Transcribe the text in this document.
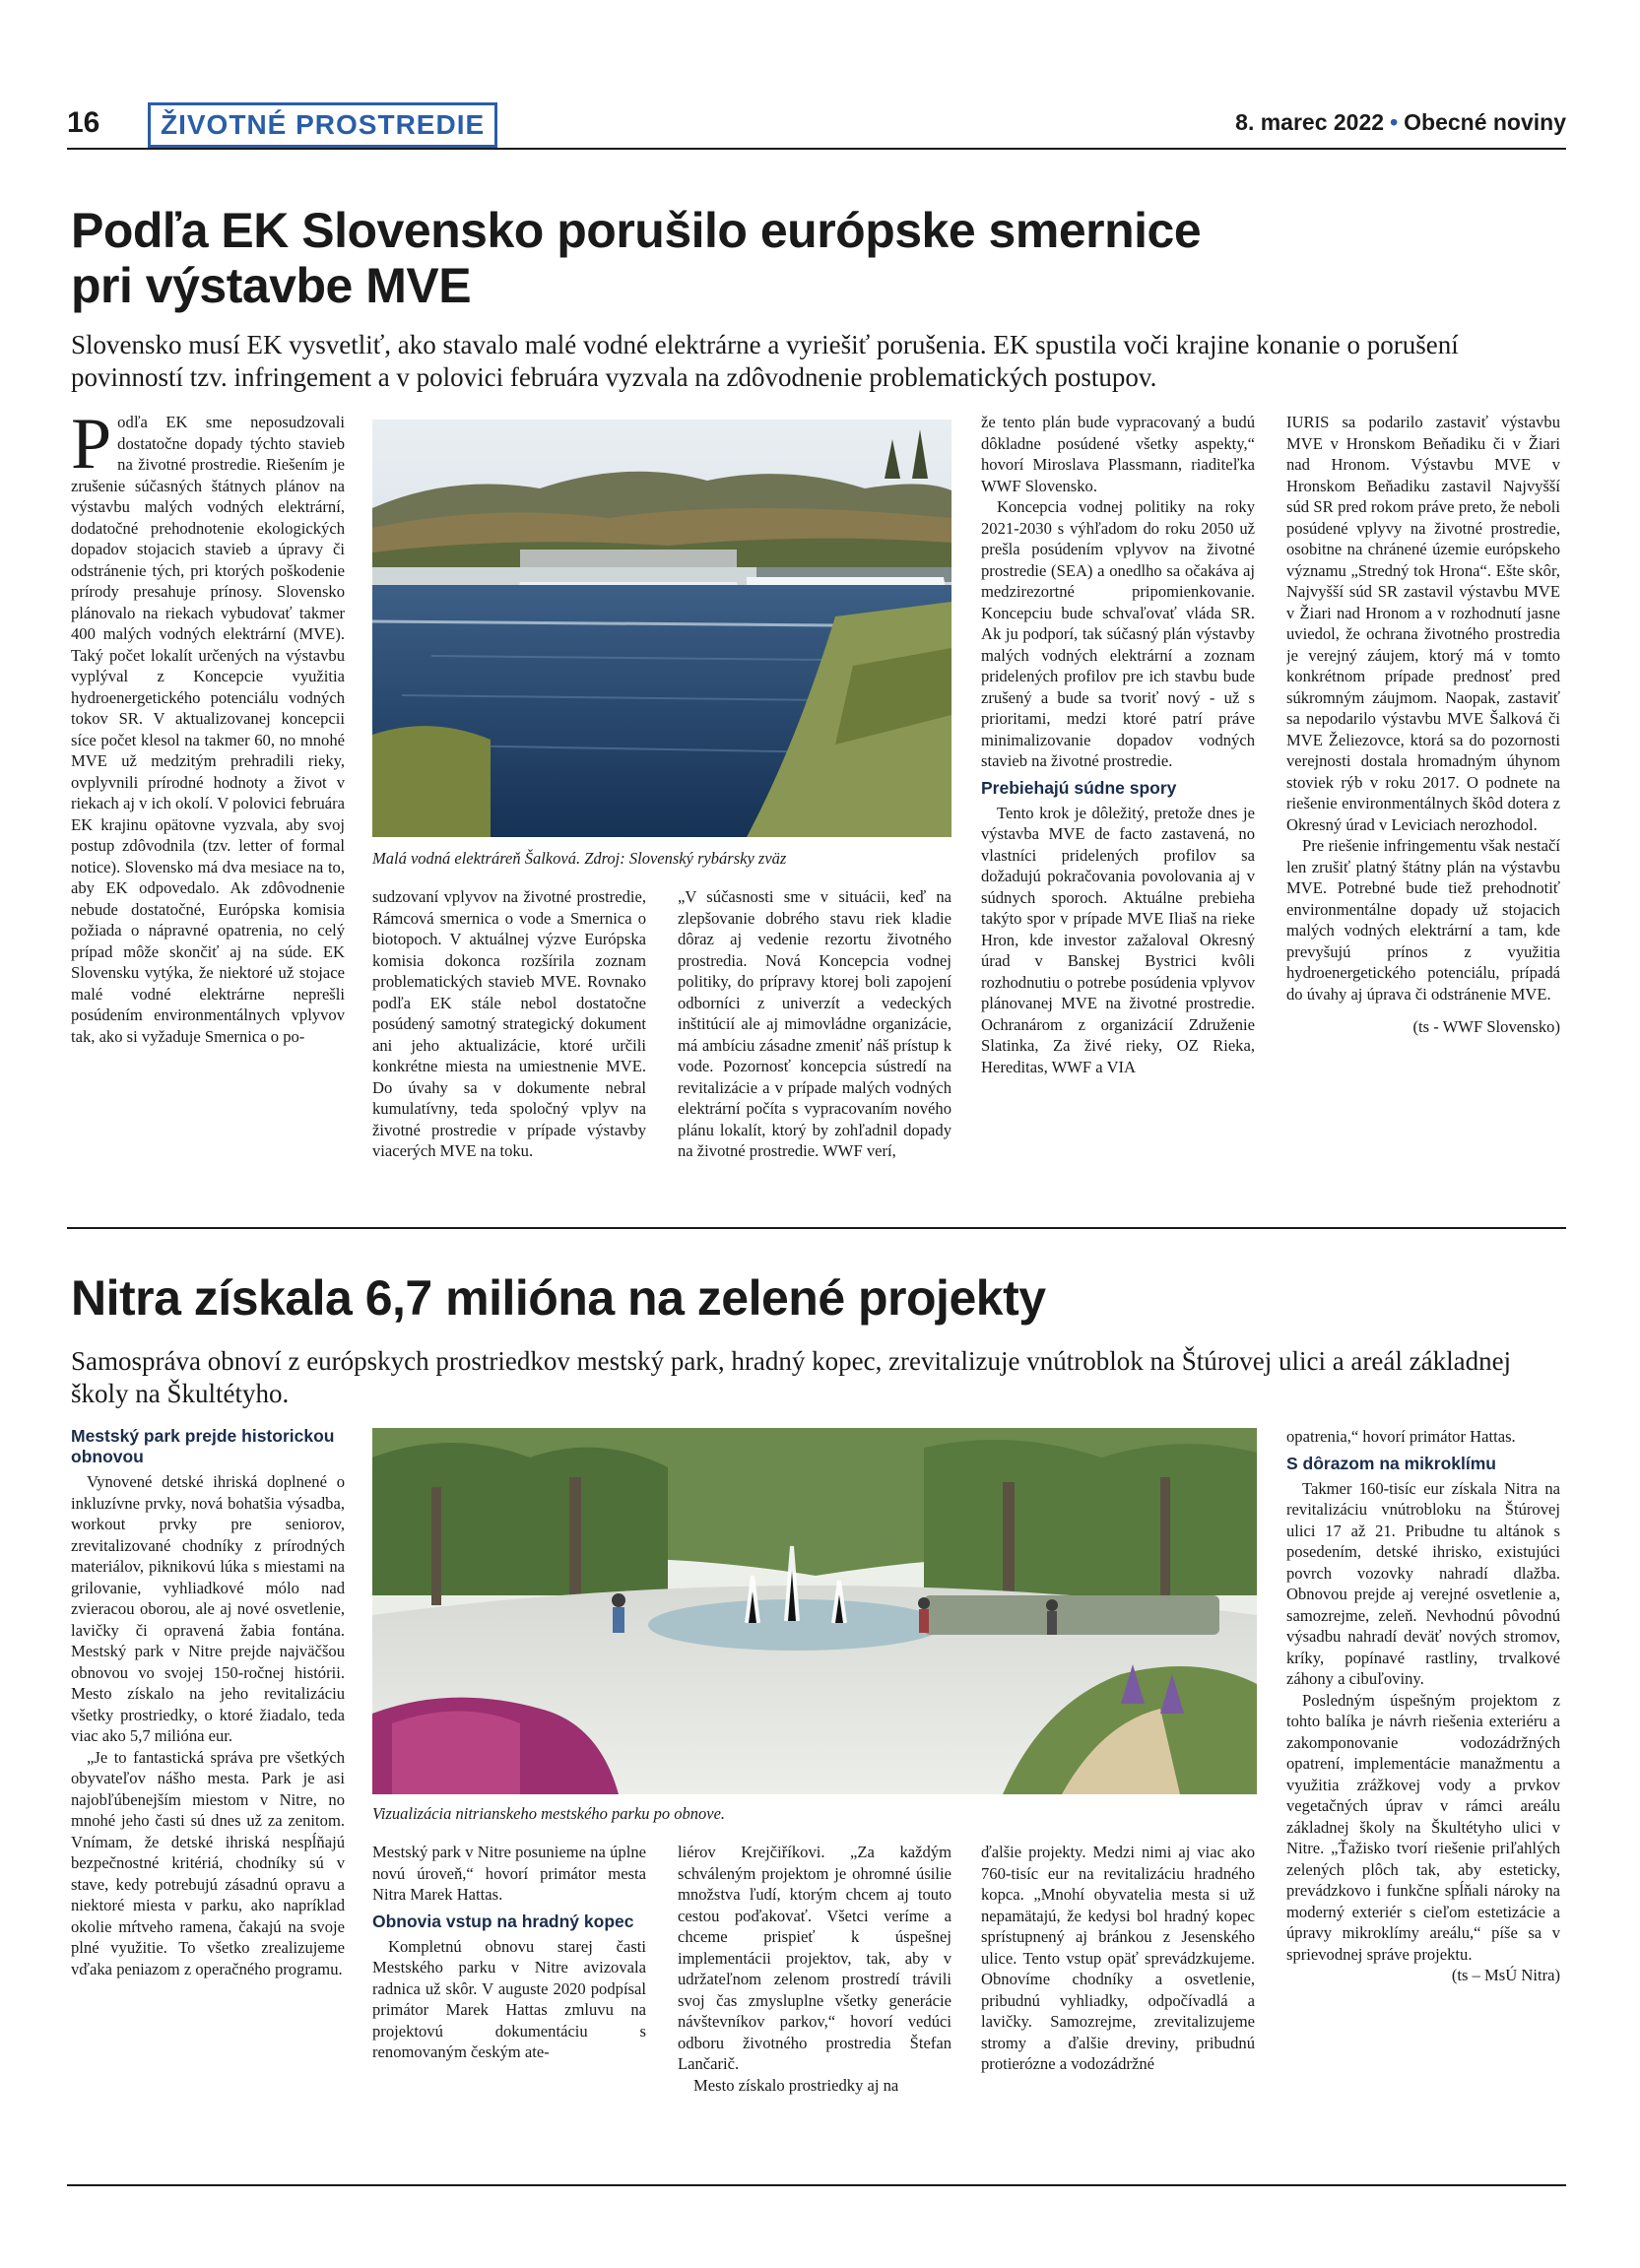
16	ŽIVOTNÉ PROSTREDIE	8. marec 2022 • Obecné noviny
Podľa EK Slovensko porušilo európske smernice
pri výstavbe MVE

Slovensko musí EK vysvetliť, ako stavalo malé vodné elektrárne a vyriešiť porušenia. EK spustila voči krajine konanie o porušení povinností tzv. infringement a v polovici februára vyzvala na zdôvodnenie problematických postupov.

P odľa EK sme neposudzovali dostatočne dopady týchto stavieb na životné prostredie. Riešením je zrušenie súčasných štátnych plánov na výstavbu malých vodných elektrární, dodatočné prehodnotenie ekologických dopadov stojacich stavieb a úpravy či odstránenie tých, pri ktorých poškodenie prírody presahuje prínosy. Slovensko plánovalo na riekach vybudovať takmer 400 malých vodných elektrární (MVE). Taký počet lokalít určených na výstavbu vyplýval z Koncepcie využitia hydroenergetického potenciálu vodných tokov SR. V aktualizovanej koncepcii síce počet klesol na takmer 60, no mnohé MVE už medzitým prehradili rieky, ovplyvnili prírodné hodnoty a život v riekach aj v ich okolí. V polovici februára EK krajinu opätovne vyzvala, aby svoj postup zdôvodnila (tzv. letter of formal notice). Slovensko má dva mesiace na to, aby EK odpovedalo. Ak zdôvodnenie nebude dostatočné, Európska komisia požiada o nápravné opatrenia, no celý prípad môže skončiť aj na súde. EK Slovensku vytýka, že niektoré už stojace malé vodné elektrárne neprešli posúdením environmentálnych vplyvov tak, ako si vyžaduje Smernica o po-

Malá vodná elektráreň Šalková. Zdroj: Slovenský rybársky zväz

sudzovaní vplyvov na životné prostredie, Rámcová smernica o vode a Smernica o biotopoch. V aktuálnej výzve Európska komisia dokonca rozšírila zoznam problematických stavieb MVE. Rovnako podľa EK stále nebol dostatočne posúdený samotný strategický dokument ani jeho aktualizácie, ktoré určili konkrétne miesta na umiestnenie MVE. Do úvahy sa v dokumente nebral kumulatívny, teda spoločný vplyv na životné prostredie v prípade výstavby viacerých MVE na toku.

„V súčasnosti sme v situácii, keď na zlepšovanie dobrého stavu riek kladie dôraz aj vedenie rezortu životného prostredia. Nová Koncepcia vodnej politiky, do prípravy ktorej boli zapojení odborníci z univerzít a vedeckých inštitúcií ale aj mimovládne organizácie, má ambíciu zásadne zmeniť náš prístup k vode. Pozornosť koncepcia sústredí na revitalizácie a v prípade malých vodných elektrární počíta s vypracovaním nového plánu lokalít, ktorý by zohľadnil dopady na životné prostredie. WWF verí,

že tento plán bude vypracovaný a budú dôkladne posúdené všetky aspekty,“ hovorí Miroslava Plassmann, riaditeľka WWF Slovensko.

Koncepcia vodnej politiky na roky 2021-2030 s výhľadom do roku 2050 už prešla posúdením vplyvov na životné prostredie (SEA) a onedlho sa očakáva aj medzirezortné pripomienkovanie. Koncepciu bude schvaľovať vláda SR. Ak ju podporí, tak súčasný plán výstavby malých vodných elektrární a zoznam pridelených profilov pre ich stavbu bude zrušený a bude sa tvoriť nový - už s prioritami, medzi ktoré patrí práve minimalizovanie dopadov vodných stavieb na životné prostredie.

Prebiehajú súdne spory

Tento krok je dôležitý, pretože dnes je výstavba MVE de facto zastavená, no vlastníci pridelených profilov sa dožadujú pokračovania povolovania aj v súdnych sporoch. Aktuálne prebieha takýto spor v prípade MVE Iliaš na rieke Hron, kde investor zažaloval Okresný úrad v Banskej Bystrici kvôli rozhodnutiu o potrebe posúdenia vplyvov plánovanej MVE na životné prostredie. Ochranárom z organizácií Združenie Slatinka, Za živé rieky, OZ Rieka, Hereditas, WWF a VIA

IURIS sa podarilo zastaviť výstavbu MVE v Hronskom Beňadiku či v Žiari nad Hronom. Výstavbu MVE v Hronskom Beňadiku zastavil Najvyšší súd SR pred rokom práve preto, že neboli posúdené vplyvy na životné prostredie, osobitne na chránené územie európskeho významu „Stredný tok Hrona“. Ešte skôr, Najvyšší súd SR zastavil výstavbu MVE v Žiari nad Hronom a v rozhodnutí jasne uviedol, že ochrana životného prostredia je verejný záujem, ktorý má v tomto konkrétnom prípade prednosť pred súkromným záujmom. Naopak, zastaviť sa nepodarilo výstavbu MVE Šalková či MVE Želiezovce, ktorá sa do pozornosti verejnosti dostala hromadným úhynom stoviek rýb v roku 2017. O podnete na riešenie environmentálnych škôd dotera z Okresný úrad v Leviciach nerozhodol.

Pre riešenie infringementu však nestačí len zrušiť platný štátny plán na výstavbu MVE. Potrebné bude tiež prehodnotiť environmentálne dopady už stojacich malých vodných elektrární a tam, kde prevyšujú prínos z využitia hydroenergetického potenciálu, prípadá do úvahy aj úprava či odstránenie MVE.

(ts - WWF Slovensko)

Nitra získala 6,7 milióna na zelené projekty

Samospráva obnoví z európskych prostriedkov mestský park, hradný kopec, zrevitalizuje vnútroblok na Štúrovej ulici a areál základnej školy na Škultétyho.

Mestský park prejde historickou obnovou

Vynovené detské ihriská doplnené o inkluzívne prvky, nová bohatšia výsadba, workout prvky pre seniorov, zrevitalizované chodníky z prírodných materiálov, piknikovú lúka s miestami na grilovanie, vyhliadkové mólo nad zvieracou oborou, ale aj nové osvetlenie, lavičky či opravená žabia fontána. Mestský park v Nitre prejde najväčšou obnovou vo svojej 150-ročnej histórii. Mesto získalo na jeho revitalizáciu všetky prostriedky, o ktoré žiadalo, teda viac ako 5,7 milióna eur.

„Je to fantastická správa pre všetkých obyvateľov nášho mesta. Park je asi najobľúbenejším miestom v Nitre, no mnohé jeho časti sú dnes už za zenitom. Vnímam, že detské ihriská nespĺňajú bezpečnostné kritériá, chodníky sú v stave, kedy potrebujú zásadnú opravu a niektoré miesta v parku, ako napríklad okolie mŕtveho ramena, čakajú na svoje plné využitie. To všetko zrealizujeme vďaka peniazom z operačného programu.

Vizualizácia nitrianskeho mestského parku po obnove.

Mestský park v Nitre posunieme na úplne novú úroveň,“ hovorí primátor mesta Nitra Marek Hattas.

Obnovia vstup na hradný kopec

Kompletnú obnovu starej časti Mestského parku v Nitre avizovala radnica už skôr. V auguste 2020 podpísal primátor Marek Hattas zmluvu na projektovú dokumentáciu s renomovaným českým ate-

liérov Krejčiříkovi. „Za každým schváleným projektom je ohromné úsilie množstva ľudí, ktorým chcem aj touto cestou poďakovať. Všetci veríme a chceme prispieť k úspešnej implementácii projektov, tak, aby v udržateľnom zelenom prostredí trávili svoj čas zmysluplne všetky generácie návštevníkov parkov,“ hovorí vedúci odboru životného prostredia Štefan Lančarič.

Mesto získalo prostriedky aj na

ďalšie projekty. Medzi nimi aj viac ako 760-tisíc eur na revitalizáciu hradného kopca. „Mnohí obyvatelia mesta si už nepamätajú, že kedysi bol hradný kopec sprístupnený aj bránkou z Jesenského ulice. Tento vstup opäť sprevádzkujeme. Obnovíme chodníky a osvetlenie, pribudnú vyhliadky, odpočívadlá a lavičky. Samozrejme, zrevitalizujeme stromy a ďalšie dreviny, pribudnú protierózne a vodozádržné

opatrenia,“ hovorí primátor Hattas.

S dôrazom na mikroklímu

Takmer 160-tisíc eur získala Nitra na revitalizáciu vnútrobloku na Štúrovej ulici 17 až 21. Pribudne tu altánok s posedením, detské ihrisko, existujúci povrch vozovky nahradí dlažba. Obnovou prejde aj verejné osvetlenie a, samozrejme, zeleň. Nevhodnú pôvodnú výsadbu nahradí deväť nových stromov, kríky, popínavé rastliny, trvalkové záhony a cibuľoviny.

Posledným úspešným projektom z tohto balíka je návrh riešenia exteriéru a zakomponovanie vodozádržných opatrení, implementácie manažmentu a využitia zrážkovej vody a prvkov vegetačných úprav v rámci areálu základnej školy na Škultétyho ulici v Nitre. „Ťažisko tvorí riešenie priľahlých zelených plôch tak, aby esteticky, prevádzkovo i funkčne spĺňali nároky na moderný exteriér s cieľom estetizácie a úpravy mikroklímy areálu,“ píše sa v sprievodnej správe projektu.

(ts – MsÚ Nitra)
